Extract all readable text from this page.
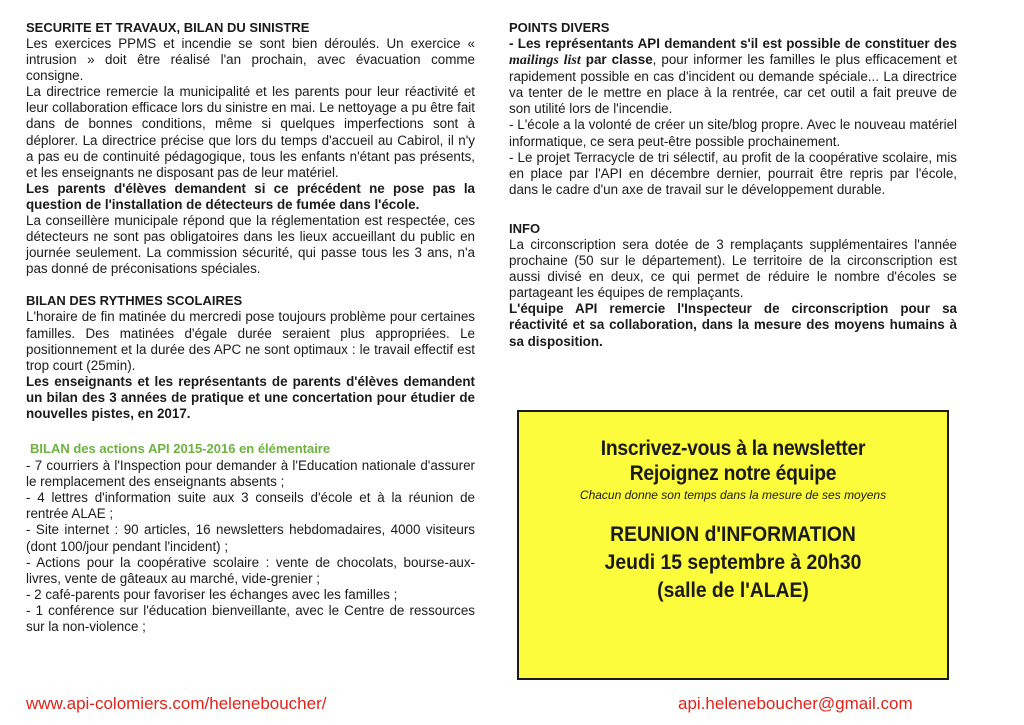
SECURITE ET TRAVAUX, BILAN DU SINISTRE

Les exercices PPMS et incendie se sont bien déroulés. Un exercice « intrusion » doit être réalisé l'an prochain, avec évacuation comme consigne.

La directrice remercie la municipalité et les parents pour leur réactivité et leur collaboration efficace lors du sinistre en mai. Le nettoyage a pu être fait dans de bonnes conditions, même si quelques imperfections sont à déplorer. La directrice précise que lors du temps d'accueil au Cabirol, il n'y a pas eu de continuité pédagogique, tous les enfants n'étant pas présents, et les enseignants ne disposant pas de leur matériel.

Les parents d'élèves demandent si ce précédent ne pose pas la question de l'installation de détecteurs de fumée dans l'école.

La conseillère municipale répond que la réglementation est respectée, ces détecteurs ne sont pas obligatoires dans les lieux accueillant du public en journée seulement. La commission sécurité, qui passe tous les 3 ans, n'a pas donné de préconisations spéciales.

BILAN DES RYTHMES SCOLAIRES

L'horaire de fin matinée du mercredi pose toujours problème pour certaines familles. Des matinées d'égale durée seraient plus appropriées. Le positionnement et la durée des APC ne sont optimaux : le travail effectif est trop court (25min).

Les enseignants et les représentants de parents d'élèves demandent un bilan des 3 années de pratique et une concertation pour étudier de nouvelles pistes, en 2017.

BILAN des actions API 2015-2016 en élémentaire

- 7 courriers à l'Inspection pour demander à l'Education nationale d'assurer le remplacement des enseignants absents ;

- 4 lettres d'information suite aux 3 conseils d'école et à la réunion de rentrée ALAE ;

- Site internet : 90 articles, 16 newsletters hebdomadaires, 4000 visiteurs (dont 100/jour pendant l'incident) ;

- Actions pour la coopérative scolaire : vente de chocolats, bourse-aux-livres, vente de gâteaux au marché, vide-grenier ;

- 2 café-parents pour favoriser les échanges avec les familles ;

- 1 conférence sur l'éducation bienveillante, avec le Centre de ressources sur la non-violence ;

POINTS DIVERS

- Les représentants API demandent s'il est possible de constituer des mailings list par classe, pour informer les familles le plus efficacement et rapidement possible en cas d'incident ou demande spéciale... La directrice va tenter de le mettre en place à la rentrée, car cet outil a fait preuve de son utilité lors de l'incendie.

- L'école a la volonté de créer un site/blog propre. Avec le nouveau matériel informatique, ce sera peut-être possible prochainement.

- Le projet Terracycle de tri sélectif, au profit de la coopérative scolaire, mis en place par l'API en décembre dernier, pourrait être repris par l'école, dans le cadre d'un axe de travail sur le développement durable.

INFO

La circonscription sera dotée de 3 remplaçants supplémentaires l'année prochaine (50 sur le département). Le territoire de la circonscription est aussi divisé en deux, ce qui permet de réduire le nombre d'écoles se partageant les équipes de remplaçants.

L'équipe API remercie l'Inspecteur de circonscription pour sa réactivité et sa collaboration, dans la mesure des moyens humains à sa disposition.

Inscrivez-vous à la newsletter
Rejoignez notre équipe
Chacun donne son temps dans la mesure de ses moyens
REUNION d'INFORMATION
Jeudi 15 septembre à 20h30
(salle de l'ALAE)
www.api-colomiers.com/heleneboucher/	api.heleneboucher@gmail.com
